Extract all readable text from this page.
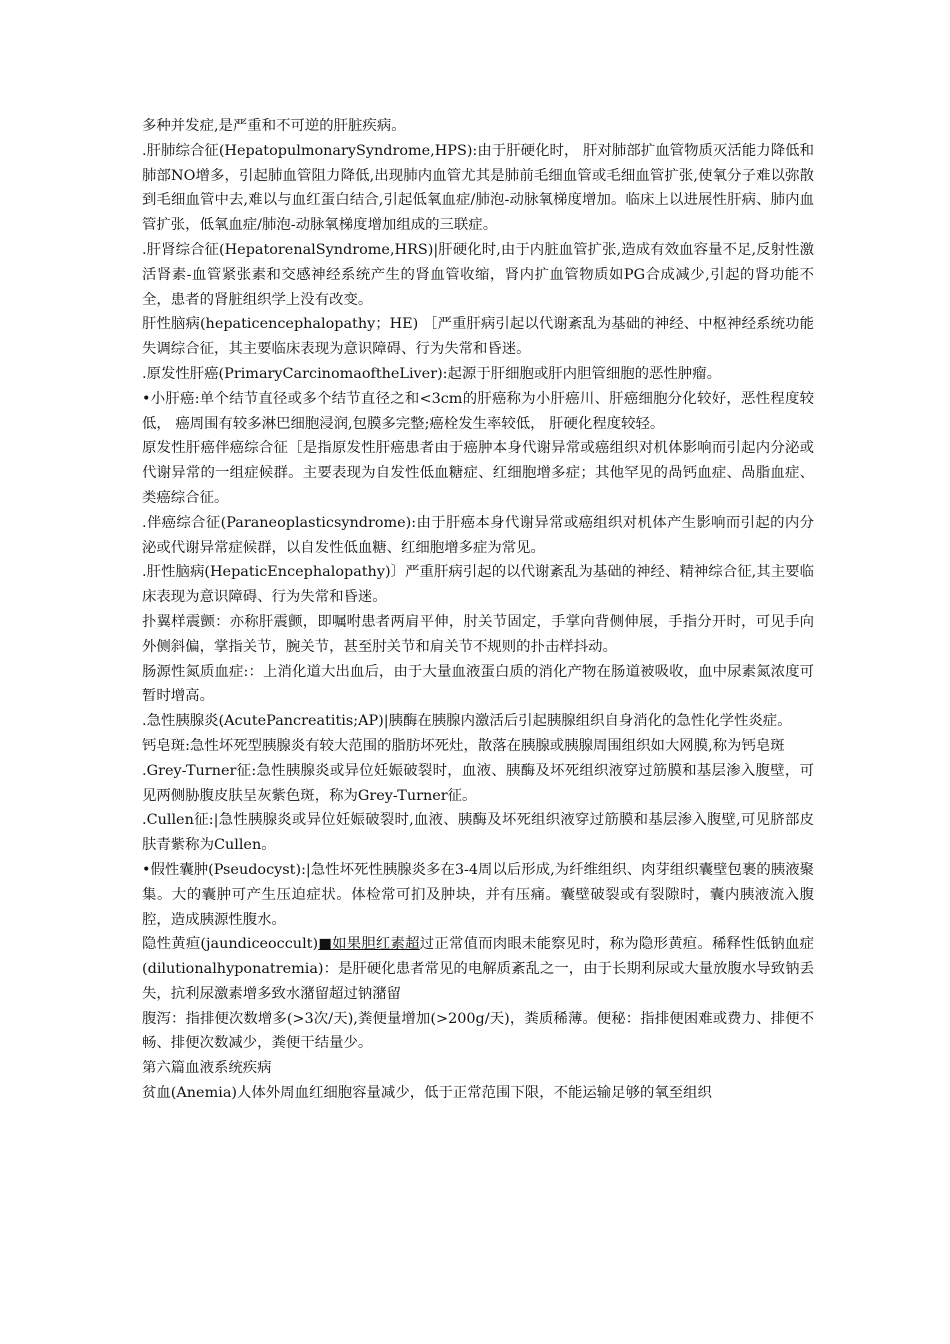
多种并发症,是严重和不可逆的肝脏疾病。

.肝肺综合征(HepatopulmonarySyndrome,HPS):由于肝硬化时， 肝对肺部扩血管物质灭活能力降低和肺部NO增多，引起肺血管阻力降低,出现肺内血管尤其是肺前毛细血管或毛细血管扩张,使氧分子难以弥散到毛细血管中去,难以与血红蛋白结合,引起低氧血症/肺泡-动脉氧梯度增加。临床上以进展性肝病、肺内血管扩张，低氧血症/肺泡-动脉氧梯度增加组成的三联症。

.肝肾综合征(HepatorenalSyndrome,HRS)|肝硬化时,由于内脏血管扩张,造成有效血容量不足,反射性激活肾素-血管紧张素和交感神经系统产生的肾血管收缩，肾内扩血管物质如PG合成减少,引起的肾功能不全，患者的肾脏组织学上没有改变。

肝性脑病(hepaticencephalopathy；HE) ［严重肝病引起以代谢紊乱为基础的神经、中枢神经系统功能失调综合征，其主要临床表现为意识障碍、行为失常和昏迷。

.原发性肝癌(PrimaryCarcinomaoftheLiver):起源于肝细胞或肝内胆管细胞的恶性肿瘤。

•小肝癌:单个结节直径或多个结节直径之和<3cm的肝癌称为小肝癌川、肝癌细胞分化较好，恶性程度较低， 癌周围有较多淋巴细胞浸润,包膜多完整;癌栓发生率较低， 肝硬化程度较轻。

原发性肝癌伴癌综合征［是指原发性肝癌患者由于癌肿本身代谢异常或癌组织对机体影响而引起内分泌或代谢异常的一组症候群。主要表现为自发性低血糖症、红细胞增多症；其他罕见的咼钙血症、咼脂血症、类癌综合征。

.伴癌综合征(Paraneoplasticsyndrome):由于肝癌本身代谢异常或癌组织对机体产生影响而引起的内分泌或代谢异常症候群，以自发性低血糖、红细胞增多症为常见。

.肝性脑病(HepaticEncephalopathy)〕严重肝病引起的以代谢紊乱为基础的神经、精神综合征,其主要临床表现为意识障碍、行为失常和昏迷。

扑翼样震颤：亦称肝震颤，即嘱咐患者两肩平伸，肘关节固定，手掌向背侧伸展，手指分开时，可见手向外侧斜偏，掌指关节，腕关节，甚至肘关节和肩关节不规则的扑击样抖动。

肠源性氮质血症:：上消化道大出血后，由于大量血液蛋白质的消化产物在肠道被吸收，血中尿素氮浓度可暂时增高。

.急性胰腺炎(AcutePancreatitis;AP)|胰酶在胰腺内激活后引起胰腺组织自身消化的急性化学性炎症。

钙皂斑:急性坏死型胰腺炎有较大范围的脂肪坏死灶，散落在胰腺或胰腺周围组织如大网膜,称为钙皂斑

.Grey-Turner征:急性胰腺炎或异位妊娠破裂时，血液、胰酶及坏死组织液穿过筋膜和基层渗入腹壁，可见两侧胁腹皮肤呈灰紫色斑，称为Grey-Turner征。

.Cullen征:|急性胰腺炎或异位妊娠破裂时,血液、胰酶及坏死组织液穿过筋膜和基层渗入腹壁,可见脐部皮肤青紫称为Cullen。

•假性囊肿(Pseudocyst):|急性坏死性胰腺炎多在3-4周以后形成,为纤维组织、肉芽组织囊壁包裹的胰液聚集。大的囊肿可产生压迫症状。体检常可扪及肿块，并有压痛。囊壁破裂或有裂隙时，囊内胰液流入腹腔，造成胰源性腹水。

隐性黄疸(jaundiceoccult)■如果胆红素超过正常值而肉眼未能察见时，称为隐形黄疸。稀释性低钠血症(dilutionalhyponatremia)：是肝硬化患者常见的电解质紊乱之一，由于长期利尿或大量放腹水导致钠丢失，抗利尿激素增多致水潴留超过钠潴留

腹泻：指排便次数增多(>3次/天),粪便量增加(>200g/天)，粪质稀薄。便秘：指排便困难或费力、排便不畅、排便次数减少，粪便干结量少。

第六篇血液系统疾病

贫血(Anemia)人体外周血红细胞容量减少，低于正常范围下限，不能运输足够的氧至组织
